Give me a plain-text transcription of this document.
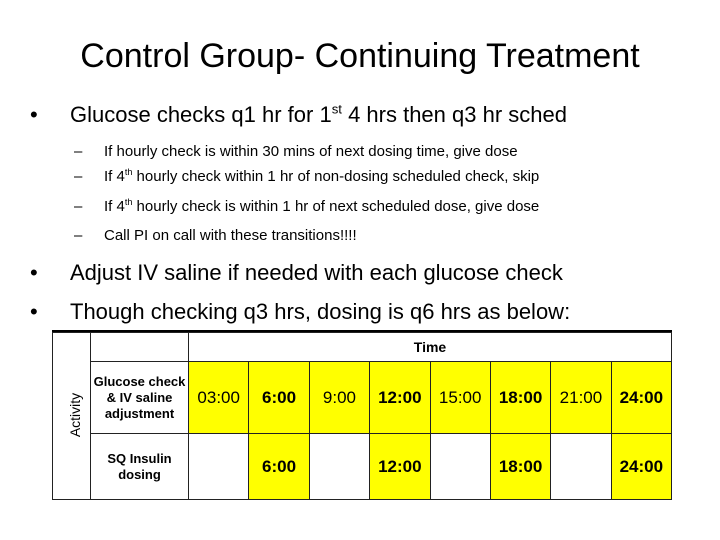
Control Group- Continuing Treatment
• Glucose checks q1 hr for 1st 4 hrs then q3 hr sched
– If hourly check is within 30 mins of next dosing time, give dose
– If 4th hourly check within 1 hr of non-dosing scheduled check, skip
– If 4th hourly check is within 1 hr of next scheduled dose, give dose
– Call PI on call with these transitions!!!!
• Adjust IV saline if needed with each glucose check
• Though checking q3 hrs, dosing is q6 hrs as below:
Activity		Time							
	Glucose check & IV saline adjustment	03:00	6:00	9:00	12:00	15:00	18:00	21:00	24:00
	SQ Insulin dosing		6:00		12:00		18:00		24:00
